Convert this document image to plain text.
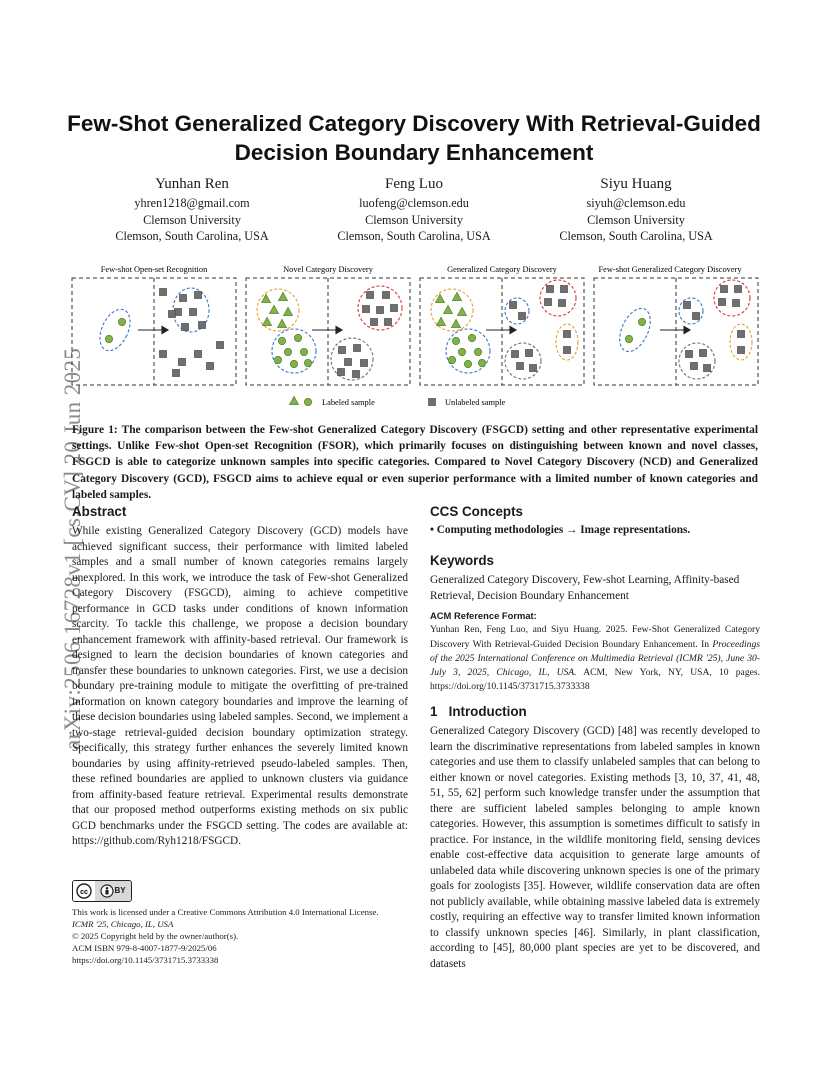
arXiv:2506.16728v1 [cs.CV] 20 Jun 2025
Few-Shot Generalized Category Discovery With Retrieval-Guided
Decision Boundary Enhancement
Yunhan Ren
yhren1218@gmail.com
Clemson University
Clemson, South Carolina, USA
Feng Luo
luofeng@clemson.edu
Clemson University
Clemson, South Carolina, USA
Siyu Huang
siyuh@clemson.edu
Clemson University
Clemson, South Carolina, USA
Few-shot Open-set Recognition	Novel Category Discovery	Generalized Category Discovery	Few-shot Generalized Category Discovery
Labeled sample	Unlabeled sample
Figure 1: The comparison between the Few-shot Generalized Category Discovery (FSGCD) setting and other representative experimental settings. Unlike Few-shot Open-set Recognition (FSOR), which primarily focuses on distinguishing between known and novel classes, FSGCD is able to categorize unknown samples into specific categories. Compared to Novel Category Discovery (NCD) and Generalized Category Discovery (GCD), FSGCD aims to achieve equal or even superior performance with a limited number of known categories and labeled samples.
Abstract
While existing Generalized Category Discovery (GCD) models have achieved significant success, their performance with limited labeled samples and a small number of known categories remains largely unexplored. In this work, we introduce the task of Few-shot Generalized Category Discovery (FSGCD), aiming to achieve competitive performance in GCD tasks under conditions of known information scarcity. To tackle this challenge, we propose a decision boundary enhancement framework with affinity-based retrieval. Our framework is designed to learn the decision boundaries of known categories and transfer these boundaries to unknown categories. First, we use a decision boundary pre-training module to mitigate the overfitting of pre-trained information on known category boundaries and improve the learning of these decision boundaries using labeled samples. Second, we implement a two-stage retrieval-guided decision boundary optimization strategy. Specifically, this strategy further enhances the severely limited known boundaries by using affinity-retrieved pseudo-labeled samples. Then, these refined boundaries are applied to unknown clusters via guidance from affinity-based feature retrieval. Experimental results demonstrate that our proposed method outperforms existing methods on six public GCD benchmarks under the FSGCD setting. The codes are available at: https://github.com/Ryh1218/FSGCD.
cc	BY
This work is licensed under a Creative Commons Attribution 4.0 International License.
ICMR '25, Chicago, IL, USA
© 2025 Copyright held by the owner/author(s).
ACM ISBN 979-8-4007-1877-9/2025/06
https://doi.org/10.1145/3731715.3733338
CCS Concepts
• Computing methodologies → Image representations.
Keywords
Generalized Category Discovery, Few-shot Learning, Affinity-based Retrieval, Decision Boundary Enhancement
ACM Reference Format:
Yunhan Ren, Feng Luo, and Siyu Huang. 2025. Few-Shot Generalized Category Discovery With Retrieval-Guided Decision Boundary Enhancement. In Proceedings of the 2025 International Conference on Multimedia Retrieval (ICMR '25), June 30-July 3, 2025, Chicago, IL, USA. ACM, New York, NY, USA, 10 pages. https://doi.org/10.1145/3731715.3733338
1   Introduction
Generalized Category Discovery (GCD) [48] was recently developed to learn the discriminative representations from labeled samples in known categories and use them to classify unlabeled samples that can belong to either known or novel categories. Existing methods [3, 10, 37, 41, 48, 51, 55, 62] perform such knowledge transfer under the assumption that there are sufficient labeled samples belonging to ample known categories. However, this assumption is sometimes difficult to satisfy in practice. For instance, in the wildlife monitoring field, sensing devices enable cost-effective data acquisition to generate large amounts of unlabeled data while discovering unknown species is one of the primary goals for zoologists [35]. However, wildlife conservation data are often not publicly available, while obtaining massive labeled data is extremely costly, requiring an effective way to transfer limited known information to classify unknown species [46]. Similarly, in plant classification, according to [45], 80,000 plant species are yet to be discovered, and datasets
